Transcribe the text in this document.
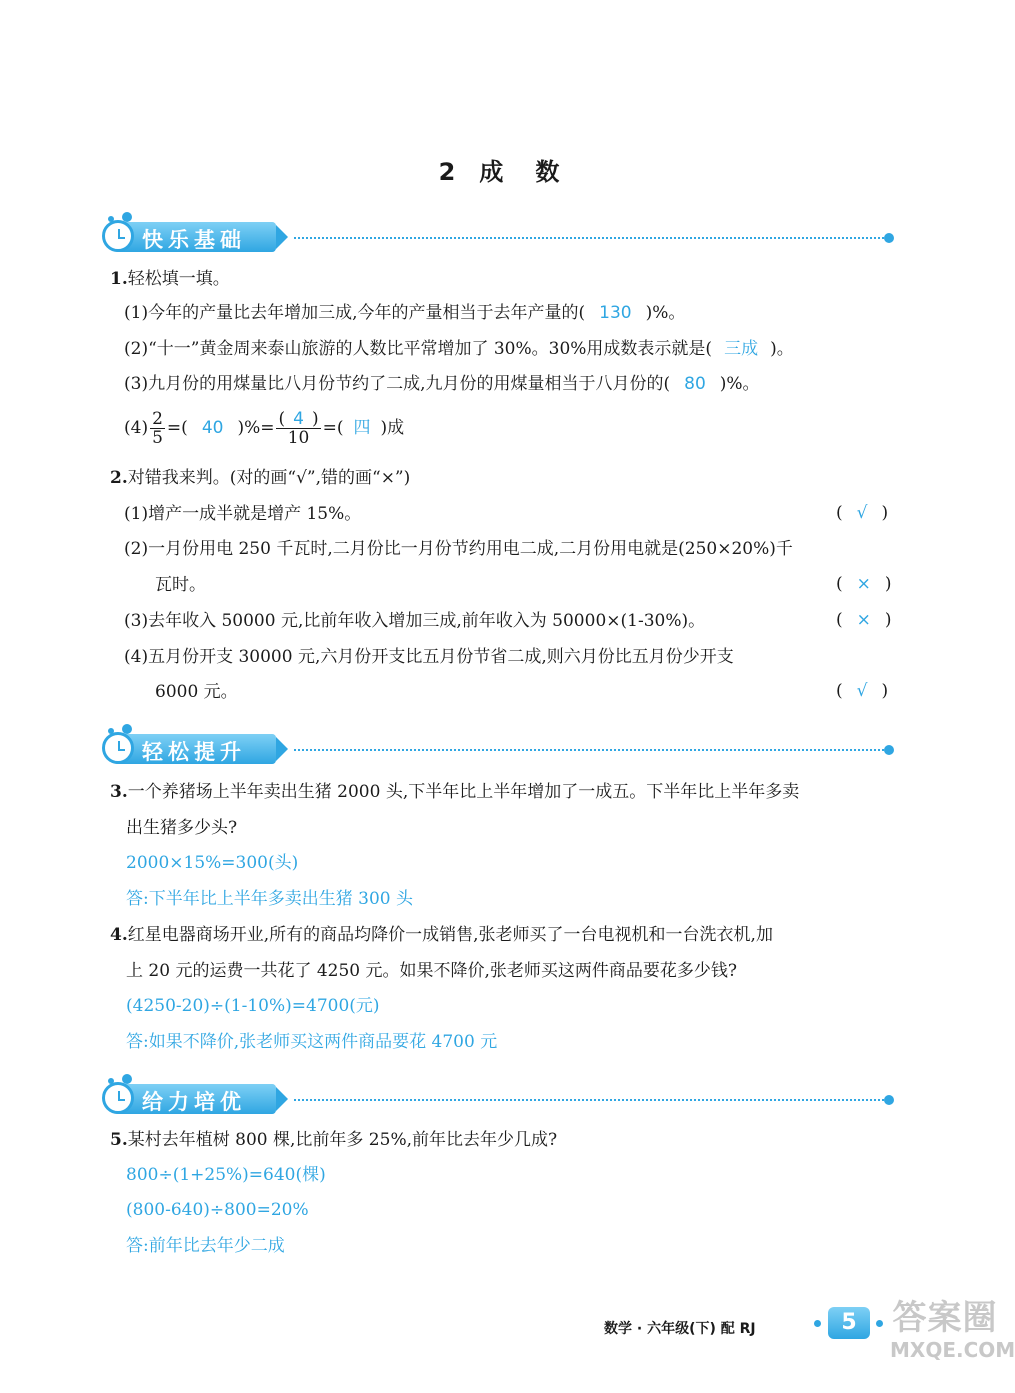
2 成 数
快乐基础
1.轻松填一填。
(1)今年的产量比去年增加三成,今年的产量相当于去年产量的( 130 )%。
(2)“十一”黄金周来泰山旅游的人数比平常增加了 30%。30%用成数表示就是( 三成 )。
(3)九月份的用煤量比八月份节约了二成,九月份的用煤量相当于八月份的( 80 )%。
$(4) \frac{2}{5}$ =( 40 )%= $\frac{( 4 )}{10}$ =( 四 )成
2.对错我来判。(对的画“√”,错的画“×”)
(1)增产一成半就是增产 15%。	( √ )
(2)一月份用电 250 千瓦时,二月份比一月份节约用电二成,二月份用电就是(250×20%)千
瓦时。	( × )
(3)去年收入 50000 元,比前年收入增加三成,前年收入为 50000×(1-30%)。	( × )
(4)五月份开支 30000 元,六月份开支比五月份节省二成,则六月份比五月份少开支
6000 元。	( √ )
轻松提升
3.一个养猪场上半年卖出生猪 2000 头,下半年比上半年增加了一成五。下半年比上半年多卖
出生猪多少头?
2000×15%=300(头)
答:下半年比上半年多卖出生猪 300 头
4.红星电器商场开业,所有的商品均降价一成销售,张老师买了一台电视机和一台洗衣机,加
上 20 元的运费一共花了 4250 元。如果不降价,张老师买这两件商品要花多少钱?
(4250-20)÷(1-10%)=4700(元)
答:如果不降价,张老师买这两件商品要花 4700 元
给力培优
5.某村去年植树 800 棵,比前年多 25%,前年比去年少几成?
800÷(1+25%)=640(棵)
(800-640)÷800=20%
答:前年比去年少二成
数学 · 六年级(下) 配 RJ	5	答案圈
MXQE.COM
